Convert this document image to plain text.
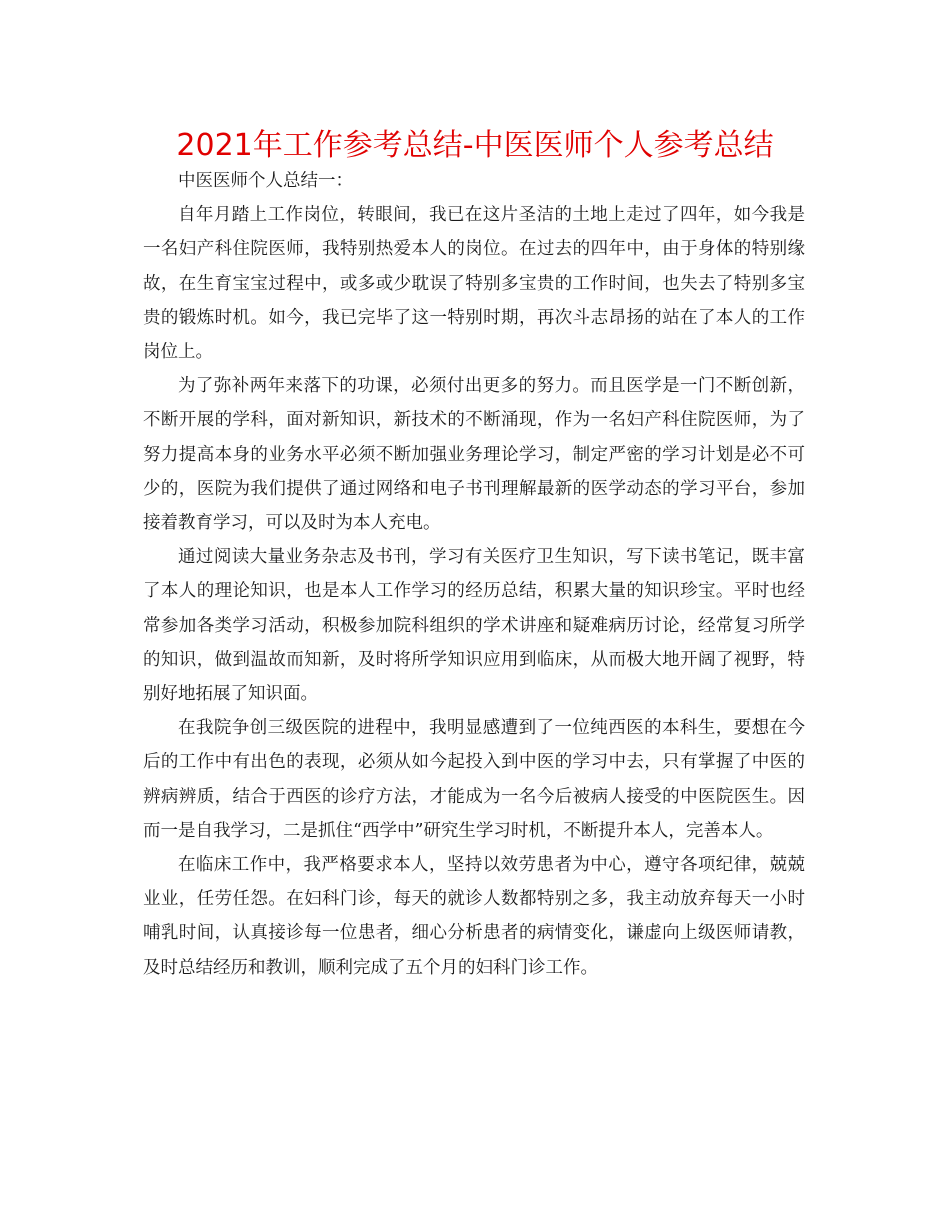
2021年工作参考总结-中医医师个人参考总结

中医医师个人总结一：

自年月踏上工作岗位，转眼间，我已在这片圣洁的土地上走过了四年，如今我是一名妇产科住院医师，我特别热爱本人的岗位。在过去的四年中，由于身体的特别缘故，在生育宝宝过程中，或多或少耽误了特别多宝贵的工作时间，也失去了特别多宝贵的锻炼时机。如今，我已完毕了这一特别时期，再次斗志昂扬的站在了本人的工作岗位上。

为了弥补两年来落下的功课，必须付出更多的努力。而且医学是一门不断创新，不断开展的学科，面对新知识，新技术的不断涌现，作为一名妇产科住院医师，为了努力提高本身的业务水平必须不断加强业务理论学习，制定严密的学习计划是必不可少的，医院为我们提供了通过网络和电子书刊理解最新的医学动态的学习平台，参加接着教育学习，可以及时为本人充电。

通过阅读大量业务杂志及书刊，学习有关医疗卫生知识，写下读书笔记，既丰富了本人的理论知识，也是本人工作学习的经历总结，积累大量的知识珍宝。平时也经常参加各类学习活动，积极参加院科组织的学术讲座和疑难病历讨论，经常复习所学的知识，做到温故而知新，及时将所学知识应用到临床，从而极大地开阔了视野，特别好地拓展了知识面。

在我院争创三级医院的进程中，我明显感遭到了一位纯西医的本科生，要想在今后的工作中有出色的表现，必须从如今起投入到中医的学习中去，只有掌握了中医的辨病辨质，结合于西医的诊疗方法，才能成为一名今后被病人接受的中医院医生。因而一是自我学习，二是抓住“西学中”研究生学习时机，不断提升本人，完善本人。

在临床工作中，我严格要求本人，坚持以效劳患者为中心，遵守各项纪律，兢兢业业，任劳任怨。在妇科门诊，每天的就诊人数都特别之多，我主动放弃每天一小时哺乳时间，认真接诊每一位患者，细心分析患者的病情变化，谦虚向上级医师请教，及时总结经历和教训，顺利完成了五个月的妇科门诊工作。
